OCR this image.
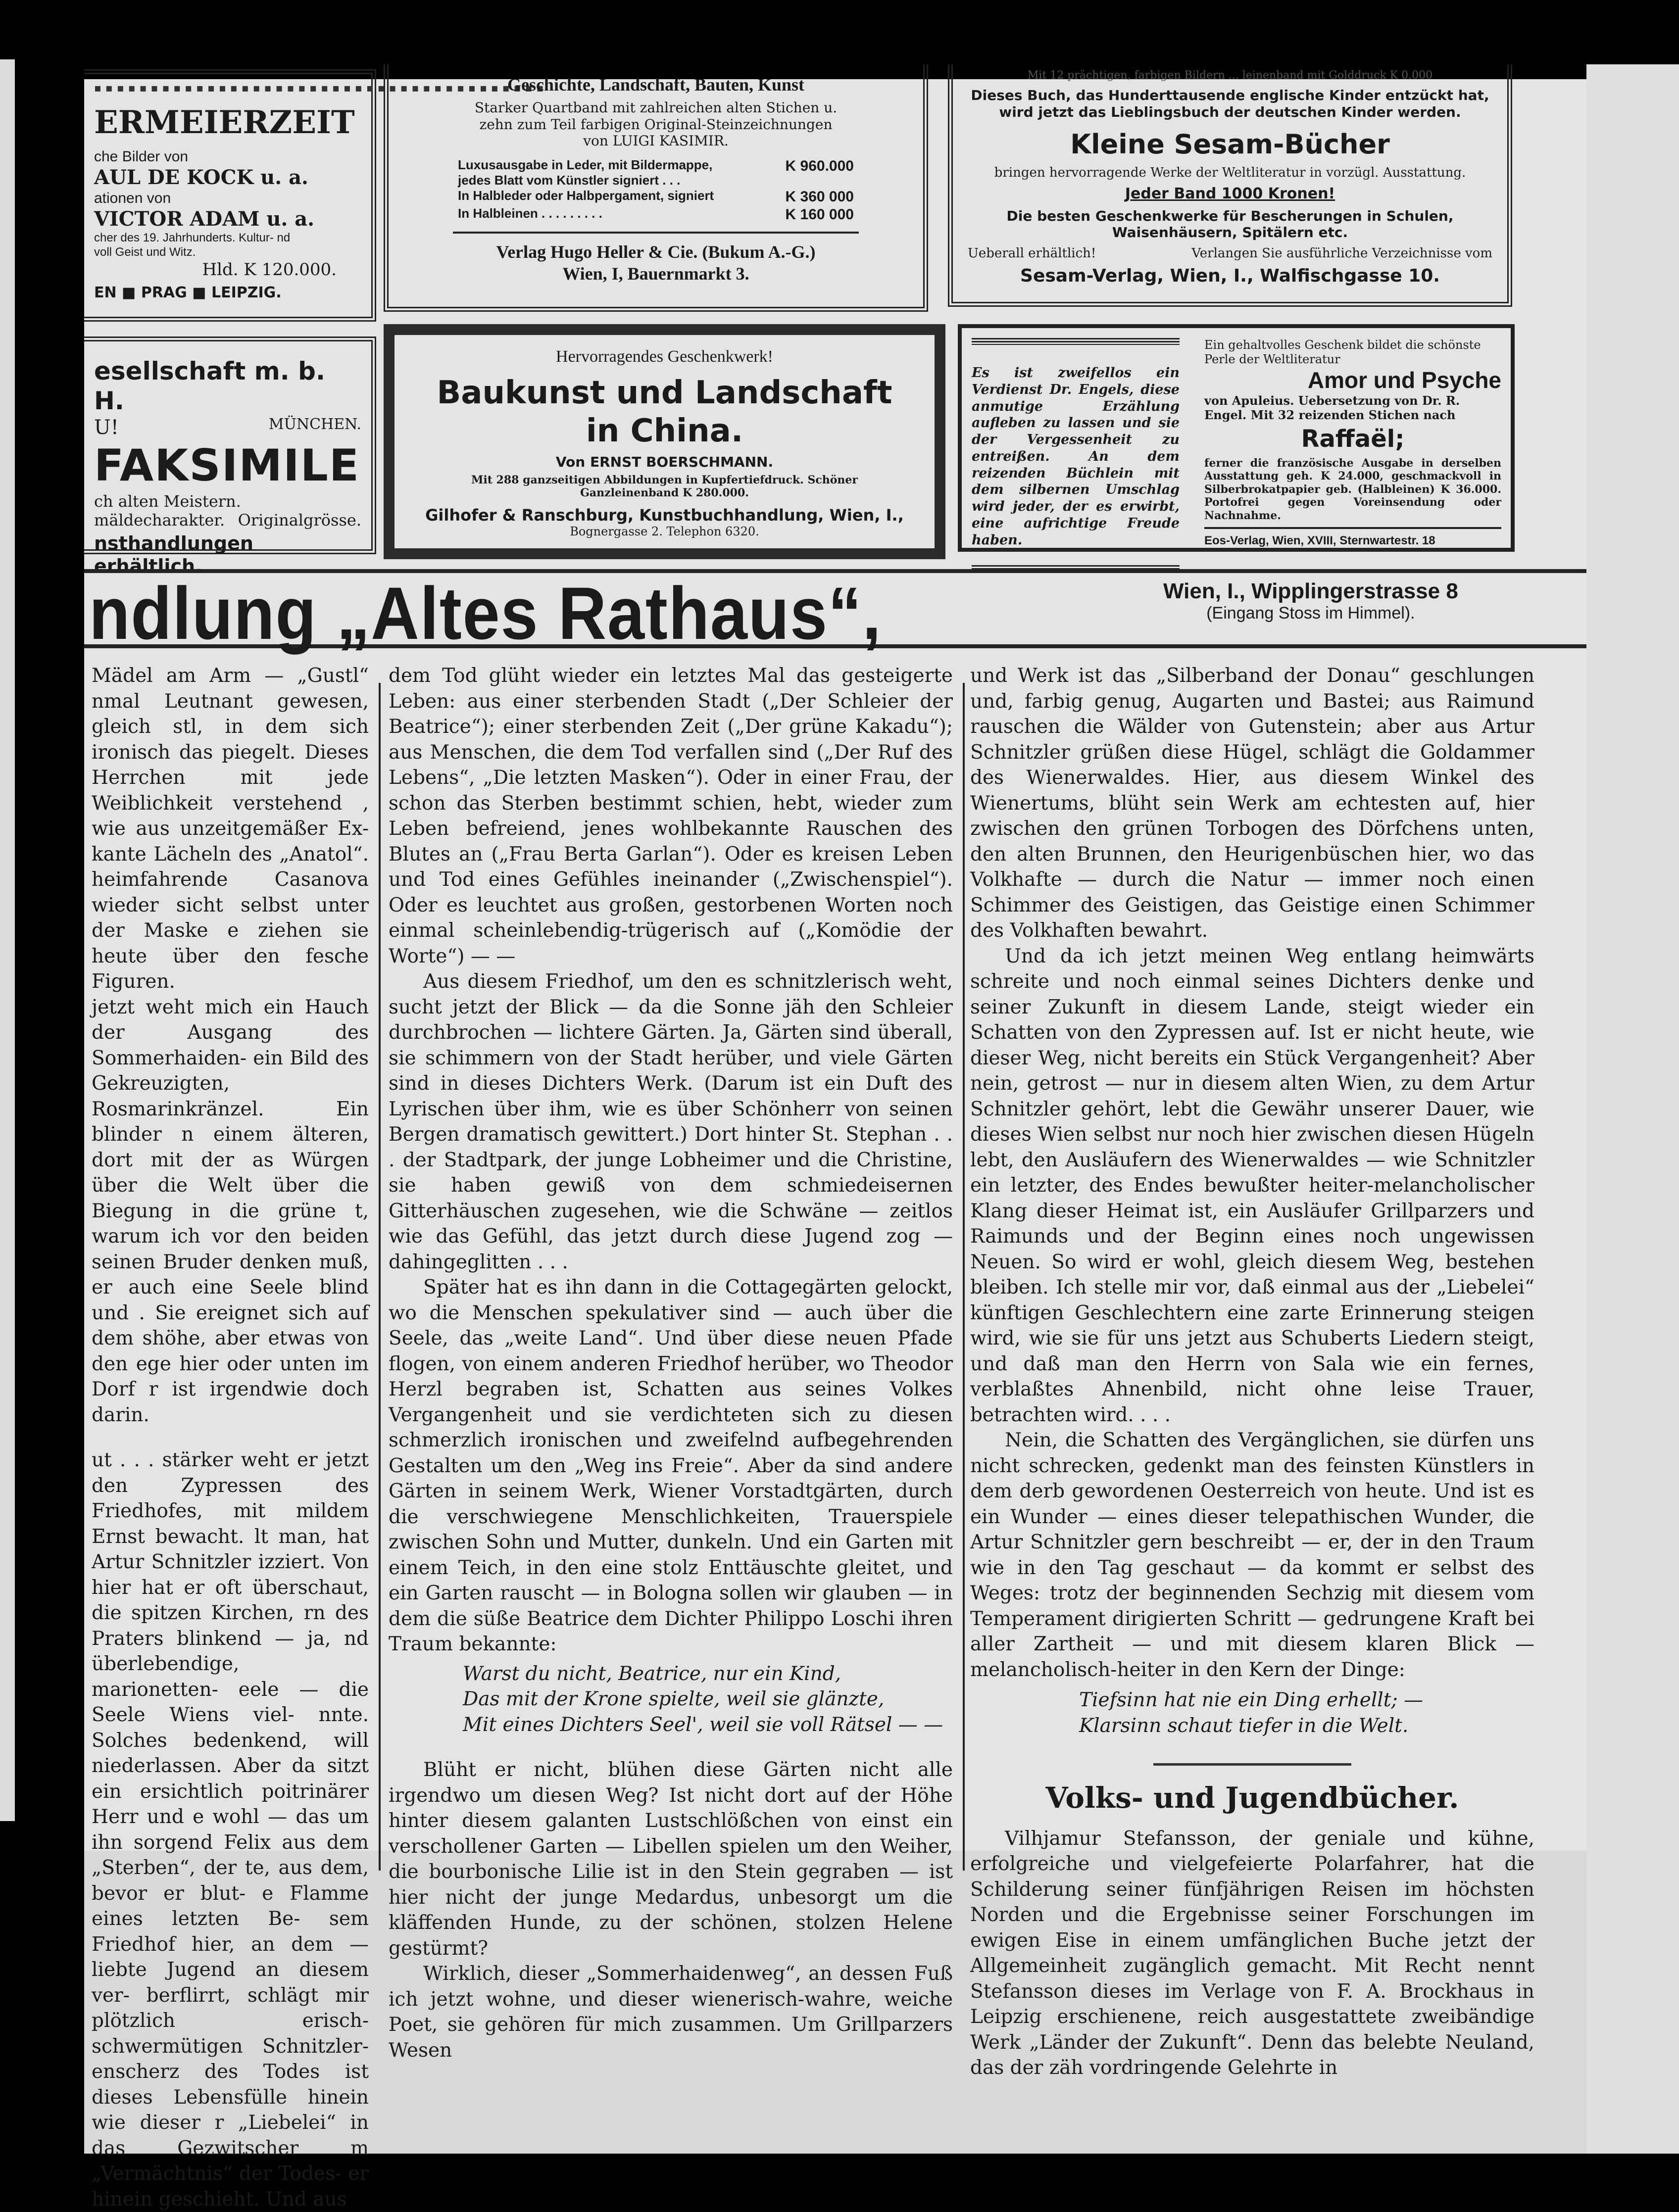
▪▪▪▪▪▪▪▪▪▪▪▪▪▪▪▪▪▪▪▪▪▪▪▪▪▪▪▪▪▪▪▪▪▪▪▪▪▪▪▪
ERMEIERZEIT
che Bilder von
AUL DE KOCK u. a.
ationen von
VICTOR ADAM u. a.
cher des 19. Jahrhunderts. Kultur- nd voll Geist und Witz.
Hld. K 120.000.
EN ■ PRAG ■ LEIPZIG.
Geschichte, Landschaft, Bauten, Kunst
Starker Quartband mit zahlreichen alten Stichen u. zehn zum Teil farbigen Original-Steinzeichnungen
von LUIGI KASIMIR.
Luxusausgabe in Leder, mit Bildermappe, jedes Blatt vom Künstler signiert . . .
K 960.000
In Halbleder oder Halbpergament, signiert	K 360 000
In Halbleinen . . . . . . . . .	K 160 000
Verlag Hugo Heller & Cie. (Bukum A.-G.)
Wien, I, Bauernmarkt 3.
Mit 12 prächtigen, farbigen Bildern ... leinenband mit Golddruck K 0.000
Dieses Buch, das Hunderttausende englische Kinder entzückt hat, wird jetzt das Lieblingsbuch der deutschen Kinder werden.
Kleine Sesam-Bücher
bringen hervorragende Werke der Weltliteratur in vorzügl. Ausstattung.
Jeder Band 1000 Kronen!
Die besten Geschenkwerke für Bescherungen in Schulen, Waisenhäusern, Spitälern etc.
Ueberall erhältlich!	Verlangen Sie ausführliche Verzeichnisse vom
Sesam-Verlag, Wien, I., Walfischgasse 10.
esellschaft m. b. H.
U!	MÜNCHEN.
FAKSIMILE
ch alten Meistern.
mäldecharakter. Originalgrösse.
nsthandlungen erhältlich.
Hervorragendes Geschenkwerk!
Baukunst und Landschaft
in China.
Von ERNST BOERSCHMANN.
Mit 288 ganzseitigen Abbildungen in Kupfertiefdruck. Schöner Ganzleinenband K 280.000.
Gilhofer & Ranschburg, Kunstbuchhandlung, Wien, I.,
Bognergasse 2. Telephon 6320.
Es ist zweifellos ein Verdienst Dr. Engels, diese anmutige Erzählung aufleben zu lassen und sie der Vergessenheit zu entreißen. An dem reizenden Büchlein mit dem silbernen Umschlag wird jeder, der es erwirbt, eine aufrichtige Freude haben.
Ein gehaltvolles Geschenk bildet die schönste Perle der Weltliteratur
Amor und Psyche
von Apuleius. Uebersetzung von Dr. R. Engel. Mit 32 reizenden Stichen nach
Raffaël;
ferner die französische Ausgabe in derselben Ausstattung geh. K 24.000, geschmackvoll in Silberbrokatpapier geb. (Halbleinen) K 36.000. Portofrei gegen Voreinsendung oder Nachnahme.
Eos-Verlag, Wien, XVIII, Sternwartestr. 18
ndlung „Altes Rathaus“,	Wien, I., Wipplingerstrasse 8
(Eingang Stoss im Himmel).

Mädel am Arm — „Gustl“ nmal Leutnant gewesen, gleich stl, in dem sich ironisch das piegelt. Dieses Herrchen mit jede Weiblichkeit verstehend , wie aus unzeitgemäßer Ex- kante Lächeln des „Anatol“. heimfahrende Casanova wieder sicht selbst unter der Maske e ziehen sie heute über den fesche Figuren.

jetzt weht mich ein Hauch der Ausgang des Sommerhaiden- ein Bild des Gekreuzigten, Rosmarinkränzel. Ein blinder n einem älteren, dort mit der as Würgen über die Welt über die Biegung in die grüne t, warum ich vor den beiden seinen Bruder denken muß, er auch eine Seele blind und . Sie ereignet sich auf dem shöhe, aber etwas von den ege hier oder unten im Dorf r ist irgendwie doch darin.

ut . . . stärker weht er jetzt den Zypressen des Friedhofes, mit mildem Ernst bewacht. lt man, hat Artur Schnitzler izziert. Von hier hat er oft überschaut, die spitzen Kirchen, rn des Praters blinkend — ja, nd überlebendige, marionetten- eele — die Seele Wiens viel- nnte. Solches bedenkend, will niederlassen. Aber da sitzt ein ersichtlich poitrinärer Herr und e wohl — das um ihn sorgend Felix aus dem „Sterben“, der te, aus dem, bevor er blut- e Flamme eines letzten Be- sem Friedhof hier, an dem — liebte Jugend an diesem ver- berflirrt, schlägt mir plötzlich erisch-schwermütigen Schnitzler- enscherz des Todes ist dieses Lebensfülle hinein wie dieser r „Liebelei“ in das Gezwitscher m „Vermächtnis“ der Todes- er hinein geschieht. Und aus

dem Tod glüht wieder ein letztes Mal das gesteigerte Leben: aus einer sterbenden Stadt („Der Schleier der Beatrice“); einer sterbenden Zeit („Der grüne Kakadu“); aus Menschen, die dem Tod verfallen sind („Der Ruf des Lebens“, „Die letzten Masken“). Oder in einer Frau, der schon das Sterben bestimmt schien, hebt, wieder zum Leben befreiend, jenes wohlbekannte Rauschen des Blutes an („Frau Berta Garlan“). Oder es kreisen Leben und Tod eines Gefühles ineinander („Zwischenspiel“). Oder es leuchtet aus großen, gestorbenen Worten noch einmal scheinlebendig-trügerisch auf („Komödie der Worte“) — —

Aus diesem Friedhof, um den es schnitzlerisch weht, sucht jetzt der Blick — da die Sonne jäh den Schleier durchbrochen — lichtere Gärten. Ja, Gärten sind überall, sie schimmern von der Stadt herüber, und viele Gärten sind in dieses Dichters Werk. (Darum ist ein Duft des Lyrischen über ihm, wie es über Schönherr von seinen Bergen dramatisch gewittert.) Dort hinter St. Stephan . . . der Stadtpark, der junge Lobheimer und die Christine, sie haben gewiß von dem schmiedeisernen Gitterhäuschen zugesehen, wie die Schwäne — zeitlos wie das Gefühl, das jetzt durch diese Jugend zog — dahingeglitten . . .

Später hat es ihn dann in die Cottagegärten gelockt, wo die Menschen spekulativer sind — auch über die Seele, das „weite Land“. Und über diese neuen Pfade flogen, von einem anderen Friedhof herüber, wo Theodor Herzl begraben ist, Schatten aus seines Volkes Vergangenheit und sie verdichteten sich zu diesen schmerzlich ironischen und zweifelnd aufbegehrenden Gestalten um den „Weg ins Freie“. Aber da sind andere Gärten in seinem Werk, Wiener Vorstadtgärten, durch die verschwiegene Menschlichkeiten, Trauerspiele zwischen Sohn und Mutter, dunkeln. Und ein Garten mit einem Teich, in den eine stolz Enttäuschte gleitet, und ein Garten rauscht — in Bologna sollen wir glauben — in dem die süße Beatrice dem Dichter Philippo Loschi ihren Traum bekannte:

Warst du nicht, Beatrice, nur ein Kind,
Das mit der Krone spielte, weil sie glänzte,
Mit eines Dichters Seel', weil sie voll Rätsel — —

Blüht er nicht, blühen diese Gärten nicht alle irgendwo um diesen Weg? Ist nicht dort auf der Höhe hinter diesem galanten Lustschlößchen von einst ein verschollener Garten — Libellen spielen um den Weiher, die bourbonische Lilie ist in den Stein gegraben — ist hier nicht der junge Medardus, unbesorgt um die kläffenden Hunde, zu der schönen, stolzen Helene gestürmt?

Wirklich, dieser „Sommerhaidenweg“, an dessen Fuß ich jetzt wohne, und dieser wienerisch-wahre, weiche Poet, sie gehören für mich zusammen. Um Grillparzers Wesen

und Werk ist das „Silberband der Donau“ geschlungen und, farbig genug, Augarten und Bastei; aus Raimund rauschen die Wälder von Gutenstein; aber aus Artur Schnitzler grüßen diese Hügel, schlägt die Goldammer des Wienerwaldes. Hier, aus diesem Winkel des Wienertums, blüht sein Werk am echtesten auf, hier zwischen den grünen Torbogen des Dörfchens unten, den alten Brunnen, den Heurigenbüschen hier, wo das Volkhafte — durch die Natur — immer noch einen Schimmer des Geistigen, das Geistige einen Schimmer des Volkhaften bewahrt.

Und da ich jetzt meinen Weg entlang heimwärts schreite und noch einmal seines Dichters denke und seiner Zukunft in diesem Lande, steigt wieder ein Schatten von den Zypressen auf. Ist er nicht heute, wie dieser Weg, nicht bereits ein Stück Vergangenheit? Aber nein, getrost — nur in diesem alten Wien, zu dem Artur Schnitzler gehört, lebt die Gewähr unserer Dauer, wie dieses Wien selbst nur noch hier zwischen diesen Hügeln lebt, den Ausläufern des Wienerwaldes — wie Schnitzler ein letzter, des Endes bewußter heiter-melancholischer Klang dieser Heimat ist, ein Ausläufer Grillparzers und Raimunds und der Beginn eines noch ungewissen Neuen. So wird er wohl, gleich diesem Weg, bestehen bleiben. Ich stelle mir vor, daß einmal aus der „Liebelei“ künftigen Geschlechtern eine zarte Erinnerung steigen wird, wie sie für uns jetzt aus Schuberts Liedern steigt, und daß man den Herrn von Sala wie ein fernes, verblaßtes Ahnenbild, nicht ohne leise Trauer, betrachten wird. . . .

Nein, die Schatten des Vergänglichen, sie dürfen uns nicht schrecken, gedenkt man des feinsten Künstlers in dem derb gewordenen Oesterreich von heute. Und ist es ein Wunder — eines dieser telepathischen Wunder, die Artur Schnitzler gern beschreibt — er, der in den Traum wie in den Tag geschaut — da kommt er selbst des Weges: trotz der beginnenden Sechzig mit diesem vom Temperament dirigierten Schritt — gedrungene Kraft bei aller Zartheit — und mit diesem klaren Blick — melancholisch-heiter in den Kern der Dinge:

Tiefsinn hat nie ein Ding erhellt; —
Klarsinn schaut tiefer in die Welt.
Volks- und Jugendbücher.

Vilhjamur Stefansson, der geniale und kühne, erfolgreiche und vielgefeierte Polarfahrer, hat die Schilderung seiner fünfjährigen Reisen im höchsten Norden und die Ergebnisse seiner Forschungen im ewigen Eise in einem umfänglichen Buche jetzt der Allgemeinheit zugänglich gemacht. Mit Recht nennt Stefansson dieses im Verlage von F. A. Brockhaus in Leipzig erschienene, reich ausgestattete zweibändige Werk „Länder der Zukunft“. Denn das belebte Neuland, das der zäh vordringende Gelehrte in
